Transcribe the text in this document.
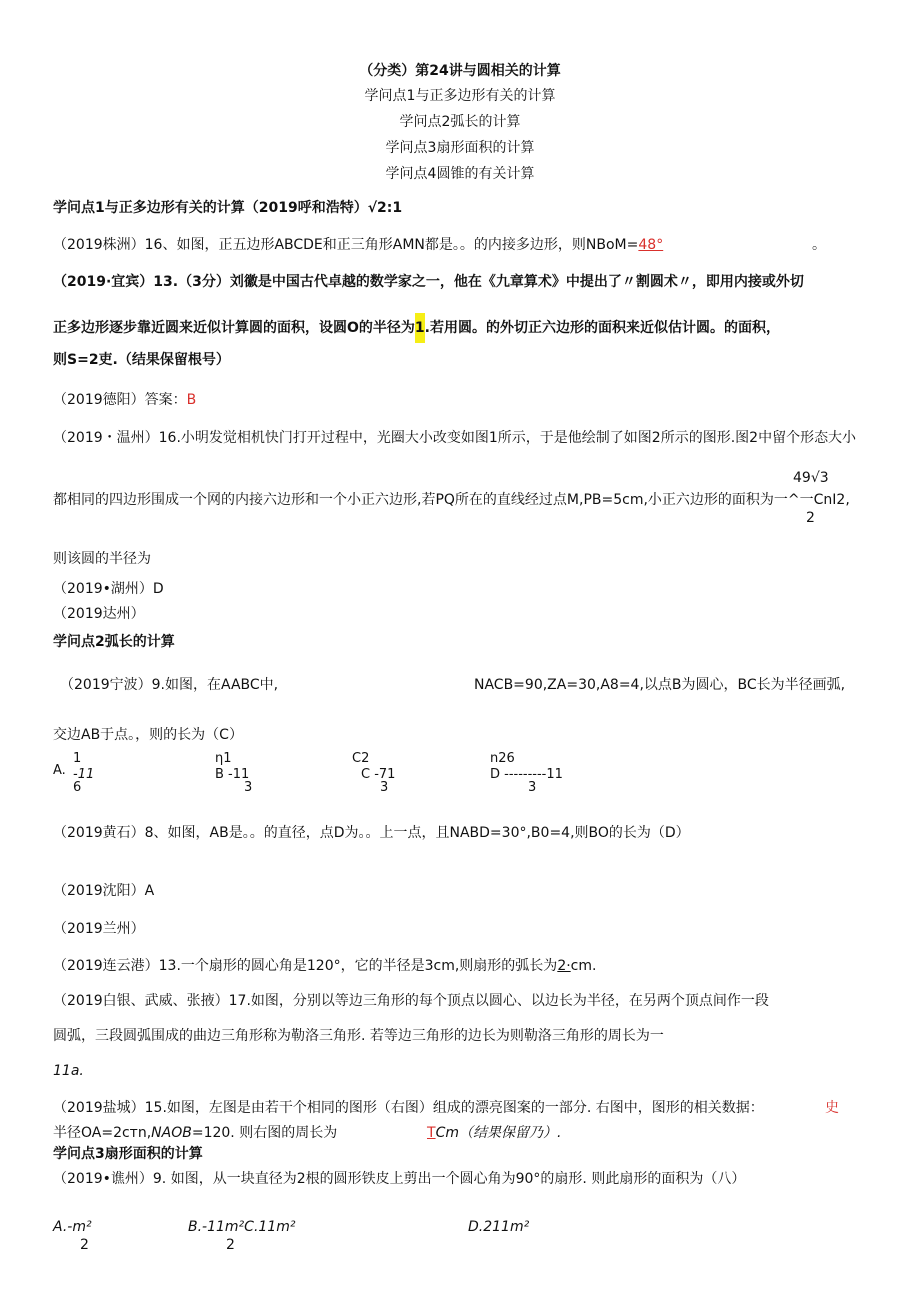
（分类）第24讲与圆相关的计算
学问点1与正多边形有关的计算
学问点2弧长的计算
学问点3扇形面积的计算
学问点4圆锥的有关计算
学问点1与正多边形有关的计算（2019呼和浩特）√2:1
（2019株洲）16、如图，正五边形ABCDE和正三角形AMN都是。。的内接多边形，则NBoM=48°	。
（2019·宜宾）13.（3分）刘徽是中国古代卓越的数学家之一，他在《九章算术》中提出了〃割圆术〃，即用内接或外切
正多边形逐步靠近圆来近似计算圆的面积，设圆O的半径为1.若用圆。的外切正六边形的面积来近似估计圆。的面积，
则S=2吏.（结果保留根号）
（2019德阳）答案：B
（2019・温州）16.小明发觉相机快门打开过程中，光圈大小改变如图1所示，于是他绘制了如图2所示的图形.图2中留个形态大小
49√3
都相同的四边形围成一个网的内接六边形和一个小正六边形,若PQ所在的直线经过点M,PB=5cm,小正六边形的面积为一^一CnI2,
2
则该圆的半径为
（2019•湖州）D
（2019达州）
学问点2弧长的计算
（2019宁波）9.如图，在AABC中,	NACB=90,ZA=30,A8=4,以点B为圆心，BC长为半径画弧,
交边AB于点。，则的长为（C）
A.
1
-11
6
η1
B -11
3
C2
C -71
3
n26
D ---------11
3
（2019黄石）8、如图，AB是。。的直径，点D为。。上一点，且NABD=30°,B0=4,则BO的长为（D）
（2019沈阳）A
（2019兰州）
（2019连云港）13.一个扇形的圆心角是120°，它的半径是3cm,则扇形的弧长为2·cm.
（2019白银、武威、张掖）17.如图，分别以等边三角形的每个顶点以圆心、以边长为半径，在另两个顶点间作一段
圆弧，三段圆弧围成的曲边三角形称为勒洛三角形. 若等边三角形的边长为则勒洛三角形的周长为一
11a.
（2019盐城）15.如图，左图是由若干个相同的图形（右图）组成的漂亮图案的一部分. 右图中，图形的相关数据：	史
半径OA=2cтn,NAOB=120. 则右图的周长为	TCm（结果保留乃）.
学问点3扇形面积的计算
（2019•谯州）9. 如图，从一块直径为2根的圆形铁皮上剪出一个圆心角为90°的扇形. 则此扇形的面积为（八）
A.-m²
2
B.-11m²C.11m²
2
D.211m²
